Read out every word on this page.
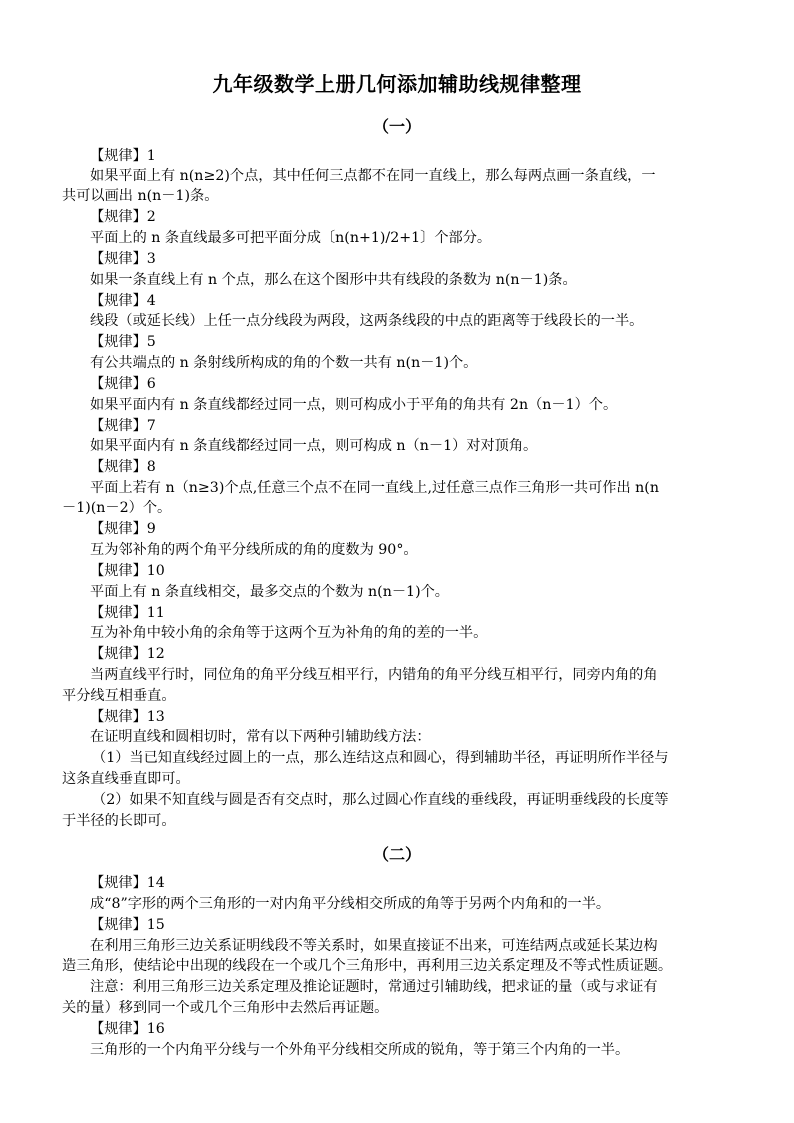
九年级数学上册几何添加辅助线规律整理
（一）
【规律】1
如果平面上有 n(n≥2)个点，其中任何三点都不在同一直线上，那么每两点画一条直线，一
共可以画出 n(n－1)条。
【规律】2
平面上的 n 条直线最多可把平面分成〔n(n+1)/2+1〕个部分。
【规律】3
如果一条直线上有 n 个点，那么在这个图形中共有线段的条数为 n(n－1)条。
【规律】4
线段（或延长线）上任一点分线段为两段，这两条线段的中点的距离等于线段长的一半。
【规律】5
有公共端点的 n 条射线所构成的角的个数一共有 n(n－1)个。
【规律】6
如果平面内有 n 条直线都经过同一点，则可构成小于平角的角共有 2n（n－1）个。
【规律】7
如果平面内有 n 条直线都经过同一点，则可构成 n（n－1）对对顶角。
【规律】8
平面上若有 n（n≥3)个点,任意三个点不在同一直线上,过任意三点作三角形一共可作出 n(n
－1)(n－2）个。
【规律】9
互为邻补角的两个角平分线所成的角的度数为 90°。
【规律】10
平面上有 n 条直线相交，最多交点的个数为 n(n－1)个。
【规律】11
互为补角中较小角的余角等于这两个互为补角的角的差的一半。
【规律】12
当两直线平行时，同位角的角平分线互相平行，内错角的角平分线互相平行，同旁内角的角
平分线互相垂直。
【规律】13
在证明直线和圆相切时，常有以下两种引辅助线方法：
（1）当已知直线经过圆上的一点，那么连结这点和圆心，得到辅助半径，再证明所作半径与
这条直线垂直即可。
（2）如果不知直线与圆是否有交点时，那么过圆心作直线的垂线段，再证明垂线段的长度等
于半径的长即可。
（二）
【规律】14
成“8”字形的两个三角形的一对内角平分线相交所成的角等于另两个内角和的一半。
【规律】15
在利用三角形三边关系证明线段不等关系时，如果直接证不出来，可连结两点或延长某边构
造三角形，使结论中出现的线段在一个或几个三角形中，再利用三边关系定理及不等式性质证题。
注意：利用三角形三边关系定理及推论证题时，常通过引辅助线，把求证的量（或与求证有
关的量）移到同一个或几个三角形中去然后再证题。
【规律】16
三角形的一个内角平分线与一个外角平分线相交所成的锐角，等于第三个内角的一半。
